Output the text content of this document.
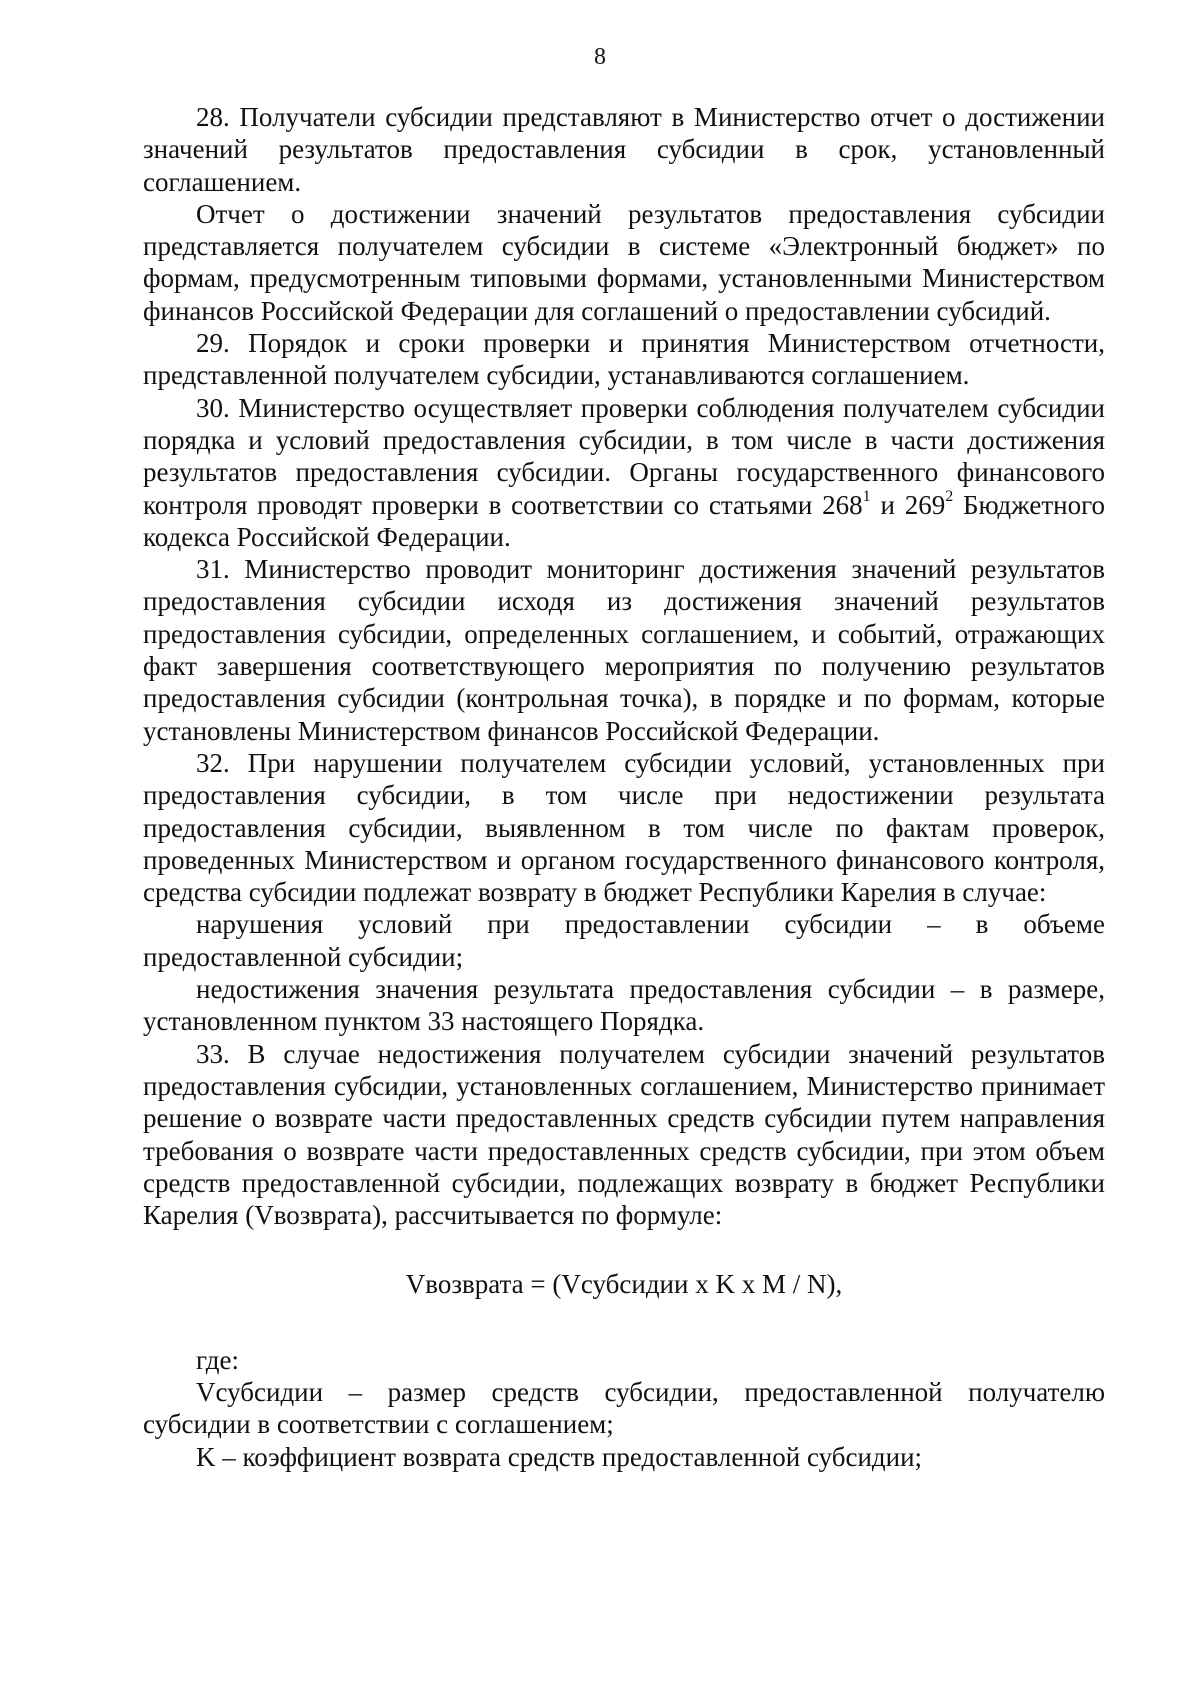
8

28. Получатели субсидии представляют в Министерство отчет о достижении значений результатов предоставления субсидии в срок, установленный соглашением.

Отчет о достижении значений результатов предоставления субсидии представляется получателем субсидии в системе «Электронный бюджет» по формам, предусмотренным типовыми формами, установленными Министерством финансов Российской Федерации для соглашений о предоставлении субсидий.

29. Порядок и сроки проверки и принятия Министерством отчетности, представленной получателем субсидии, устанавливаются соглашением.

30. Министерство осуществляет проверки соблюдения получателем субсидии порядка и условий предоставления субсидии, в том числе в части достижения результатов предоставления субсидии. Органы государственного финансового контроля проводят проверки в соответствии со статьями $268^1$ и $269^2$ Бюджетного кодекса Российской Федерации.

31. Министерство проводит мониторинг достижения значений результатов предоставления субсидии исходя из достижения значений результатов предоставления субсидии, определенных соглашением, и событий, отражающих факт завершения соответствующего мероприятия по получению результатов предоставления субсидии (контрольная точка), в порядке и по формам, которые установлены Министерством финансов Российской Федерации.

32. При нарушении получателем субсидии условий, установленных при предоставления субсидии, в том числе при недостижении результата предоставления субсидии, выявленном в том числе по фактам проверок, проведенных Министерством и органом государственного финансового контроля, средства субсидии подлежат возврату в бюджет Республики Карелия в случае:

нарушения условий при предоставлении субсидии – в объеме предоставленной субсидии;

недостижения значения результата предоставления субсидии – в размере, установленном пунктом 33 настоящего Порядка.

33. В случае недостижения получателем субсидии значений результатов предоставления субсидии, установленных соглашением, Министерство принимает решение о возврате части предоставленных средств субсидии путем направления требования о возврате части предоставленных средств субсидии, при этом объем средств предоставленной субсидии, подлежащих возврату в бюджет Республики Карелия (Vвозврата), рассчитывается по формуле:

Vвозврата = (Vсубсидии x K x M / N),

где:

Vсубсидии – размер средств субсидии, предоставленной получателю субсидии в соответствии с соглашением;

K – коэффициент возврата средств предоставленной субсидии;
